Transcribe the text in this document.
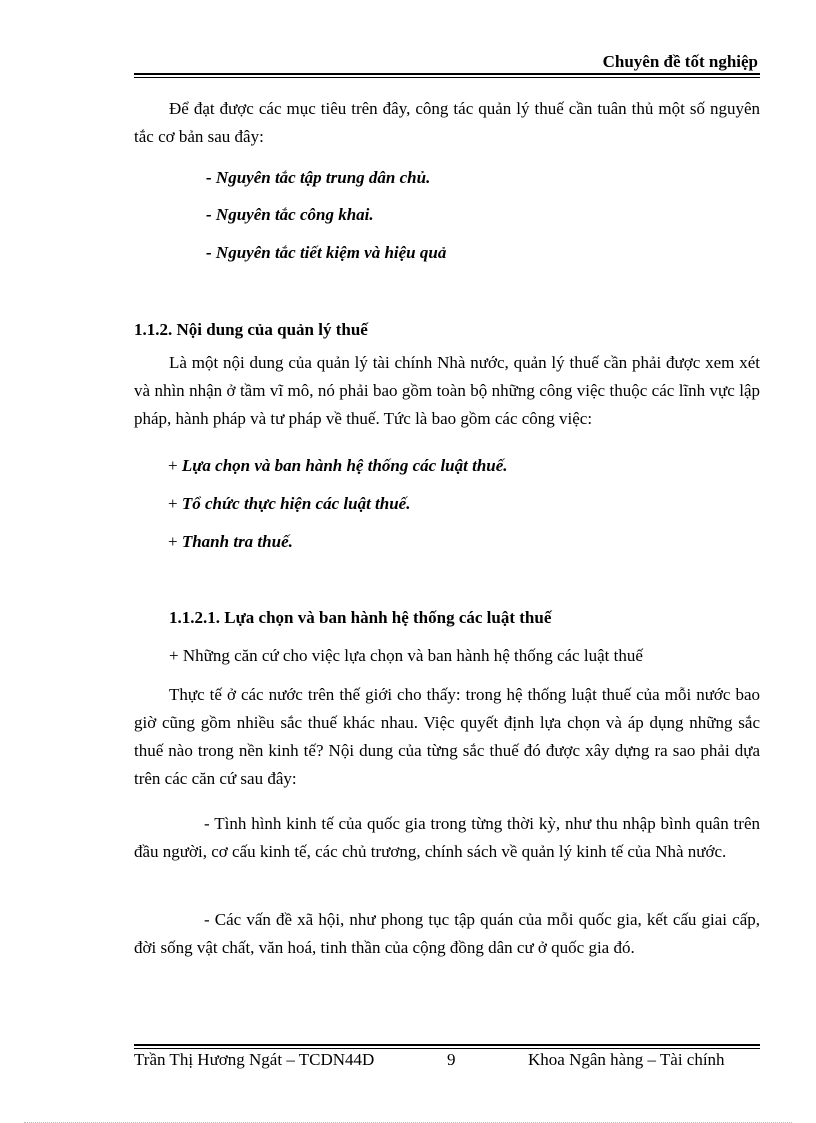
Chuyên đề tốt nghiệp

Để đạt được các mục tiêu trên đây, công tác quản lý thuế cần tuân thủ một số nguyên tắc cơ bản sau đây:

- Nguyên tắc tập trung dân chủ.
- Nguyên tắc công khai.
- Nguyên tắc tiết kiệm và hiệu quả
1.1.2. Nội dung của quản lý thuế

Là một nội dung của quản lý tài chính Nhà nước, quản lý thuế cần phải được xem xét và nhìn nhận ở tầm vĩ mô, nó phải bao gồm toàn bộ những công việc thuộc các lĩnh vực lập pháp, hành pháp và tư pháp về thuế. Tức là bao gồm các công việc:

+ Lựa chọn và ban hành hệ thống các luật thuế.
+ Tổ chức thực hiện các luật thuế.
+ Thanh tra thuế.
1.1.2.1. Lựa chọn và ban hành hệ thống các luật thuế
+ Những căn cứ cho việc lựa chọn và ban hành hệ thống các luật thuế

Thực tế ở các nước trên thế giới cho thấy: trong hệ thống luật thuế của mỗi nước bao giờ cũng gồm nhiều sắc thuế khác nhau. Việc quyết định lựa chọn và áp dụng những sắc thuế nào trong nền kinh tế? Nội dung của từng sắc thuế đó được xây dựng ra sao phải dựa trên các căn cứ sau đây:

- Tình hình kinh tế của quốc gia trong từng thời kỳ, như thu nhập bình quân trên đầu người, cơ cấu kinh tế, các chủ trương, chính sách về quản lý kinh tế của Nhà nước.

- Các vấn đề xã hội, như phong tục tập quán của mỗi quốc gia, kết cấu giai cấp, đời sống vật chất, văn hoá, tinh thần của cộng đồng dân cư ở quốc gia đó.

Trần Thị Hương Ngát – TCDN44D	9	Khoa Ngân hàng – Tài chính
